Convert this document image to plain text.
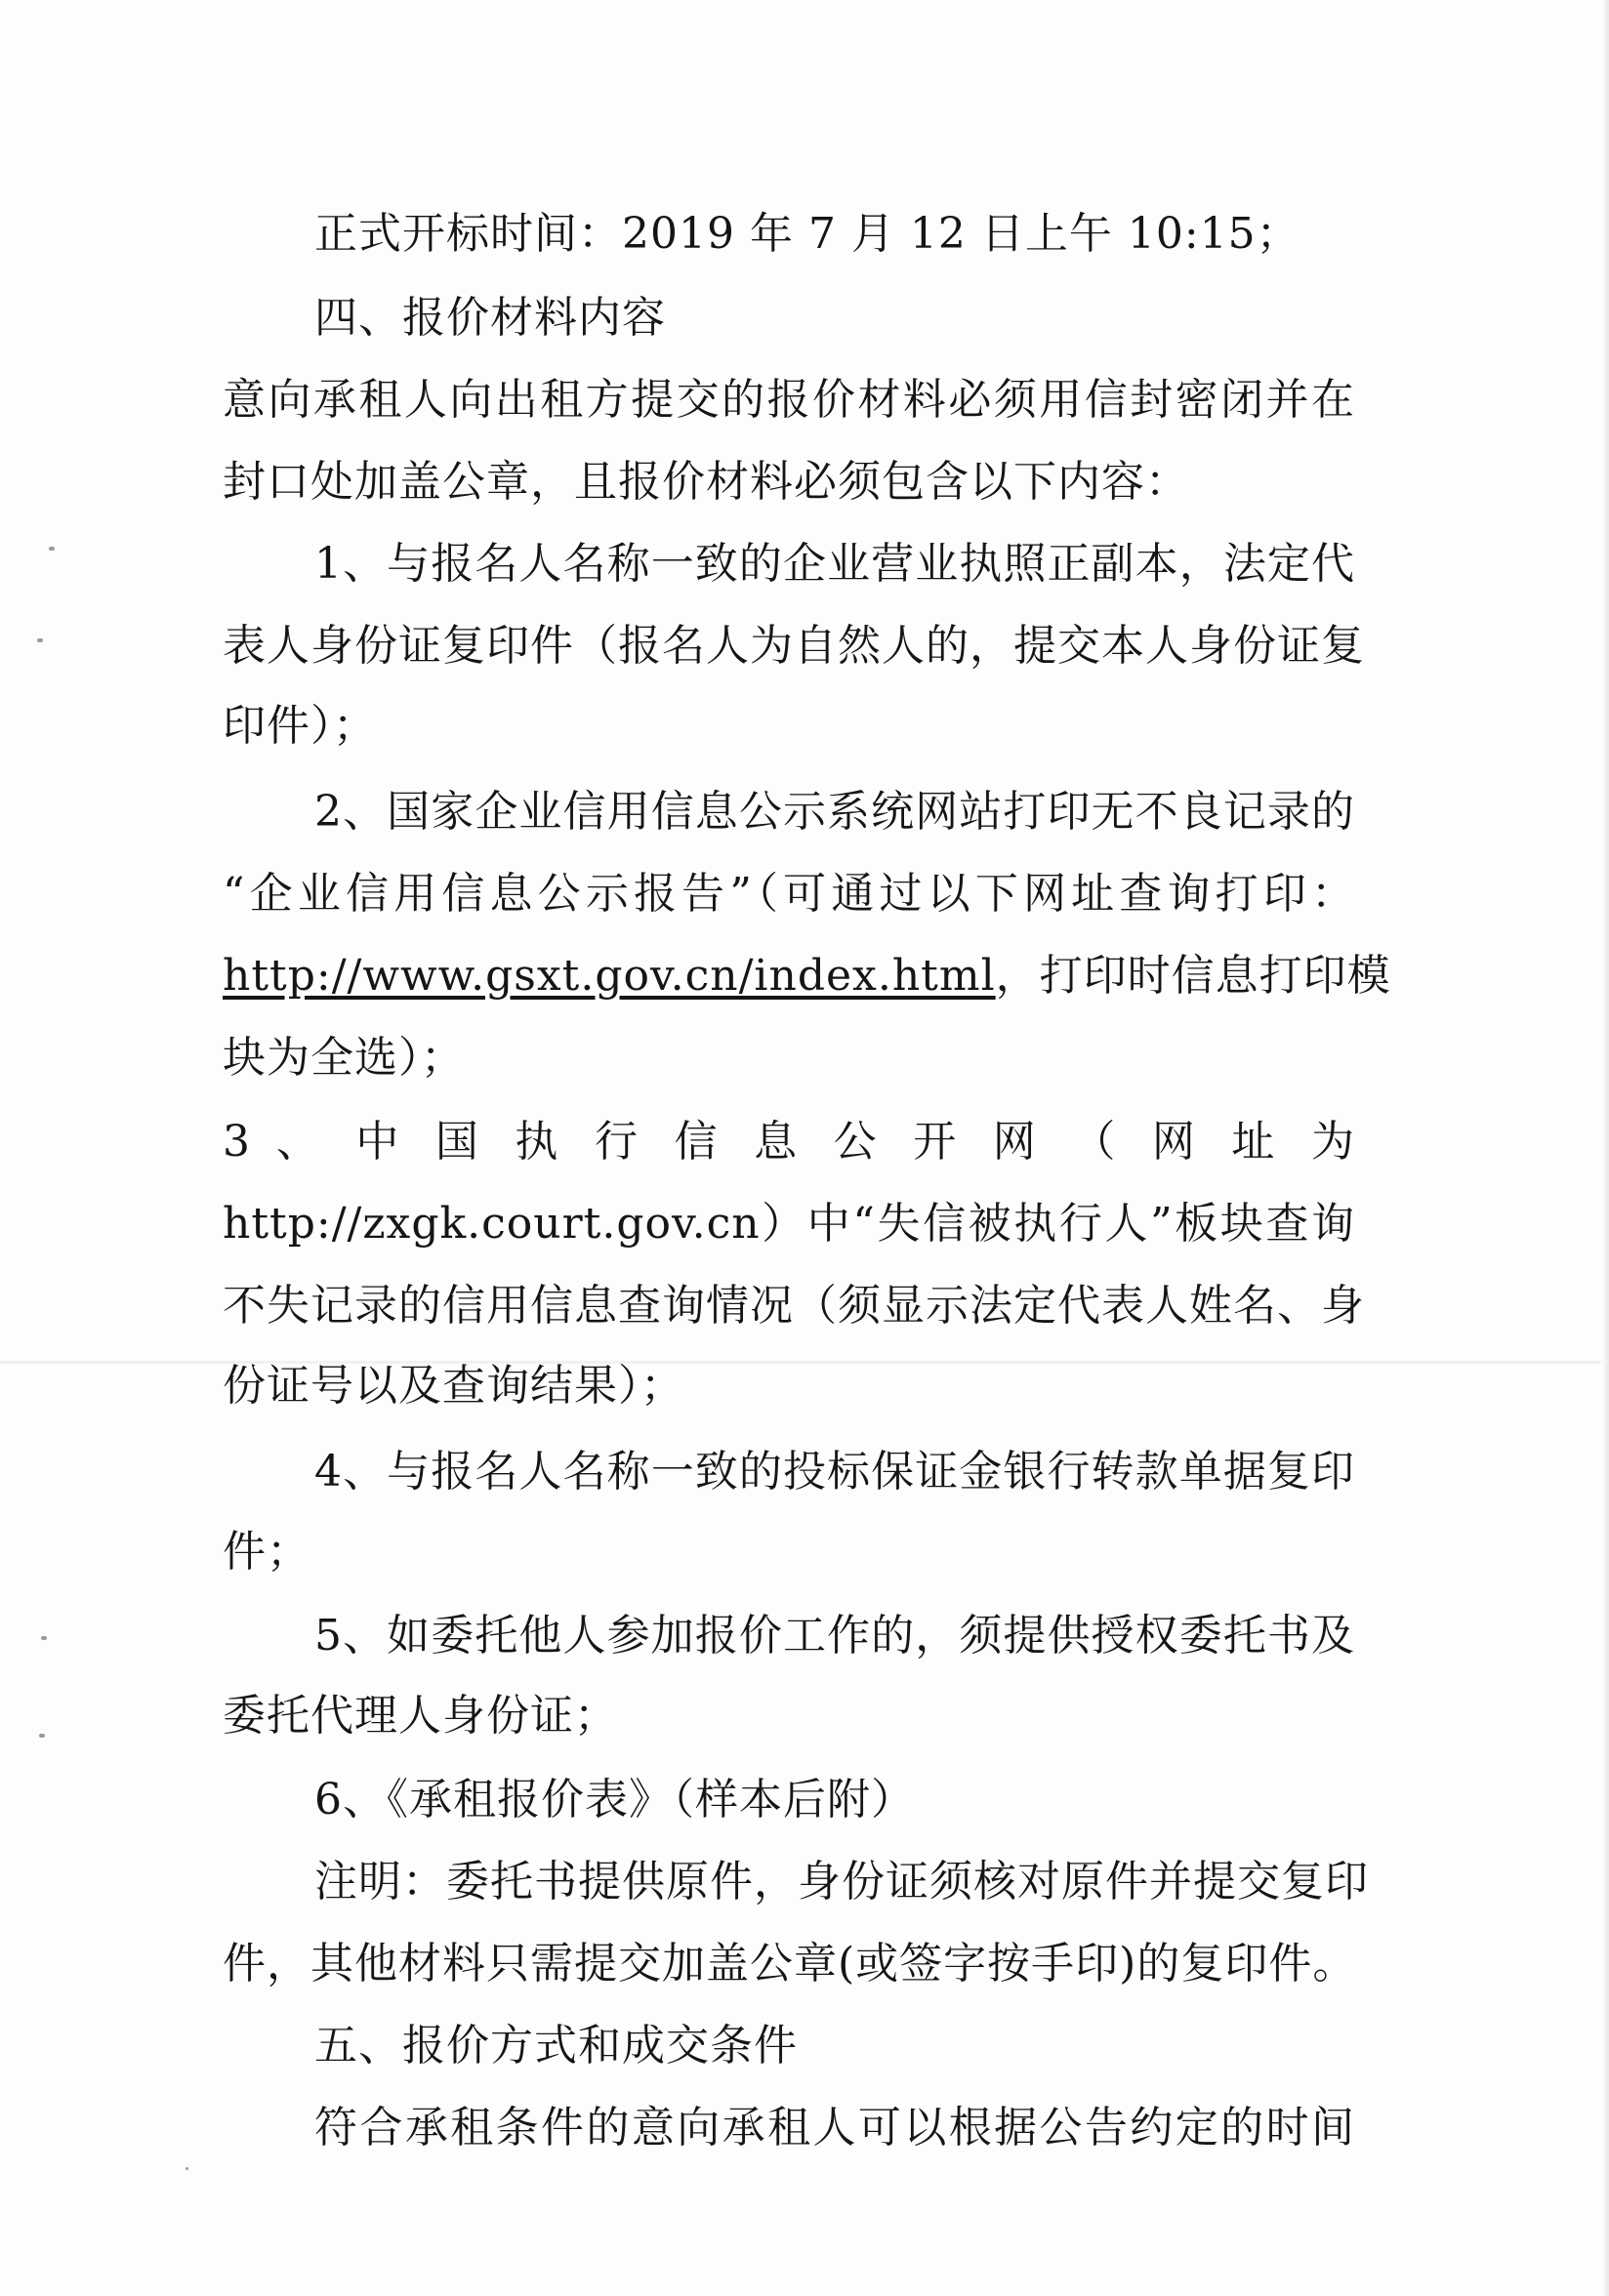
正式开标时间：2019 年 7 月 12 日上午 10:15；
四、报价材料内容
意向承租人向出租方提交的报价材料必须用信封密闭并在
封口处加盖公章，且报价材料必须包含以下内容：
1、与报名人名称一致的企业营业执照正副本，法定代
表人身份证复印件（报名人为自然人的，提交本人身份证复
印件）；
2、国家企业信用信息公示系统网站打印无不良记录的
“企业信用信息公示报告”（可通过以下网址查询打印：
http://www.gsxt.gov.cn/index.html，打印时信息打印模
块为全选）；
3 、 中 国 执 行 信 息 公 开 网 （ 网 址 为
http://zxgk.court.gov.cn）中“失信被执行人”板块查询
不失记录的信用信息查询情况（须显示法定代表人姓名、身
份证号以及查询结果）；
4、与报名人名称一致的投标保证金银行转款单据复印
件；
5、如委托他人参加报价工作的，须提供授权委托书及
委托代理人身份证；
6、《承租报价表》（样本后附）
注明：委托书提供原件，身份证须核对原件并提交复印
件，其他材料只需提交加盖公章(或签字按手印)的复印件。
五、报价方式和成交条件
符合承租条件的意向承租人可以根据公告约定的时间
